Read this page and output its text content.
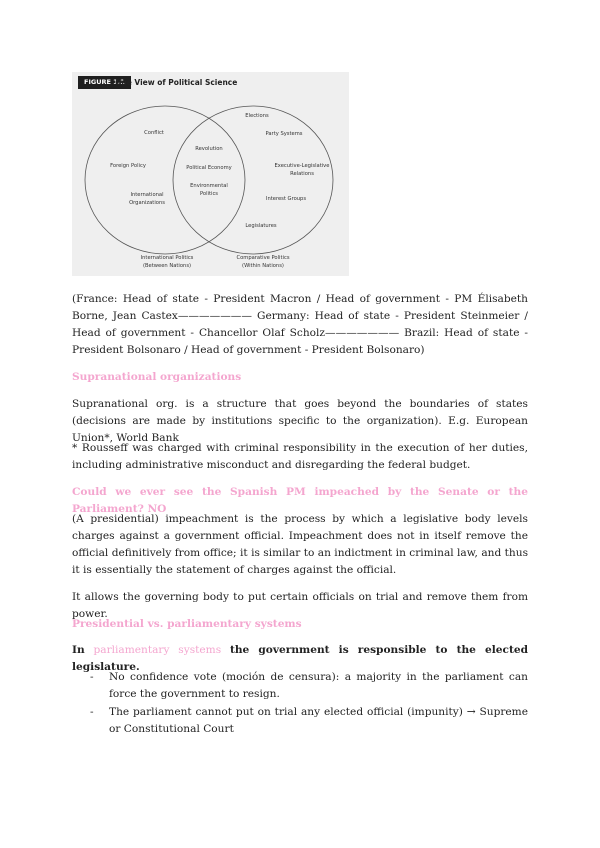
Conflict
Foreign Policy
International
Organizations
Revolution
Political Economy
Environmental
Politics
Elections
Party Systems
Executive-Legislative
Relations
Interest Groups
Legislatures
International Politics
(Between Nations)
Comparative Politics
(Within Nations)
FIGURE 1.1
One View of Political Science
(France: Head of state - President Macron / Head of government - PM Élisabeth Borne, Jean Castex——————— Germany: Head of state - President Steinmeier / Head of government - Chancellor Olaf Scholz——————— Brazil: Head of state - President Bolsonaro / Head of government - President Bolsonaro)
Supranational organizations
Supranational org. is a structure that goes beyond the boundaries of states (decisions are made by institutions specific to the organization). E.g. European Union*, World Bank
* Rousseff was charged with criminal responsibility in the execution of her duties, including administrative misconduct and disregarding the federal budget.
Could we ever see the Spanish PM impeached by the Senate or the Parliament? NO
(A presidential) impeachment is the process by which a legislative body levels charges against a government official. Impeachment does not in itself remove the official definitively from office; it is similar to an indictment in criminal law, and thus it is essentially the statement of charges against the official.
It allows the governing body to put certain officials on trial and remove them from power.
Presidential vs. parliamentary systems
In parliamentary systems the government is responsible to the elected legislature.
- No confidence vote (moción de censura): a majority in the parliament can force the government to resign.
- The parliament cannot put on trial any elected official (impunity) → Supreme or Constitutional Court
